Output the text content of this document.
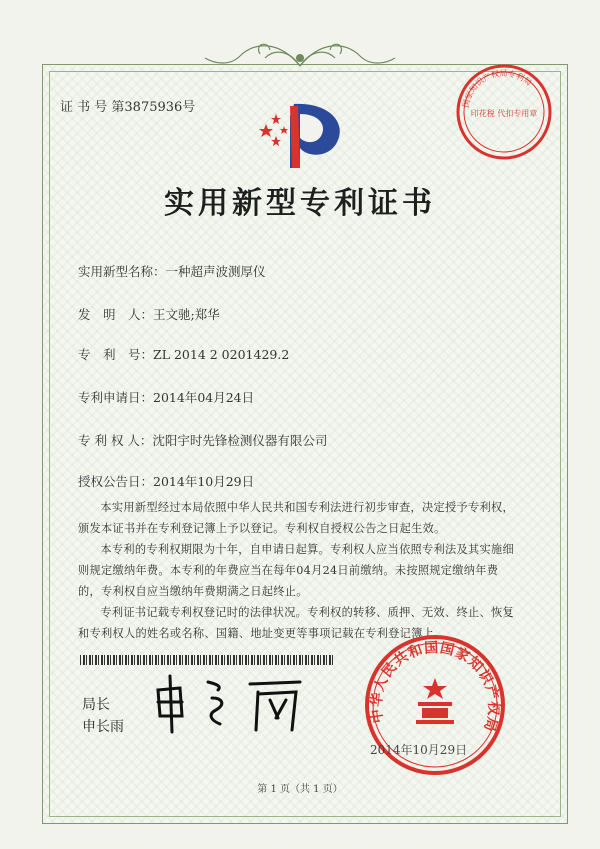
证 书 号 第3875936号	国家知识产权局专利局
印花税 代扣专用章
实用新型专利证书
实用新型名称：一种超声波测厚仪
发　明　人：王文驰;郑华
专　利　号：ZL 2014 2 0201429.2
专利申请日：2014年04月24日
专 利 权 人：沈阳宇时先锋检测仪器有限公司
授权公告日：2014年10月29日
本实用新型经过本局依照中华人民共和国专利法进行初步审查，决定授予专利权，颁发本证书并在专利登记簿上予以登记。专利权自授权公告之日起生效。
本专利的专利权期限为十年，自申请日起算。专利权人应当依照专利法及其实施细则规定缴纳年费。本专利的年费应当在每年04月24日前缴纳。未按照规定缴纳年费的，专利权自应当缴纳年费期满之日起终止。
专利证书记载专利权登记时的法律状况。专利权的转移、质押、无效、终止、恢复和专利权人的姓名或名称、国籍、地址变更等事项记载在专利登记簿上。
局长
申长雨
中华人民共和国国家知识产权局
2014年10月29日
第 1 页（共 1 页）
